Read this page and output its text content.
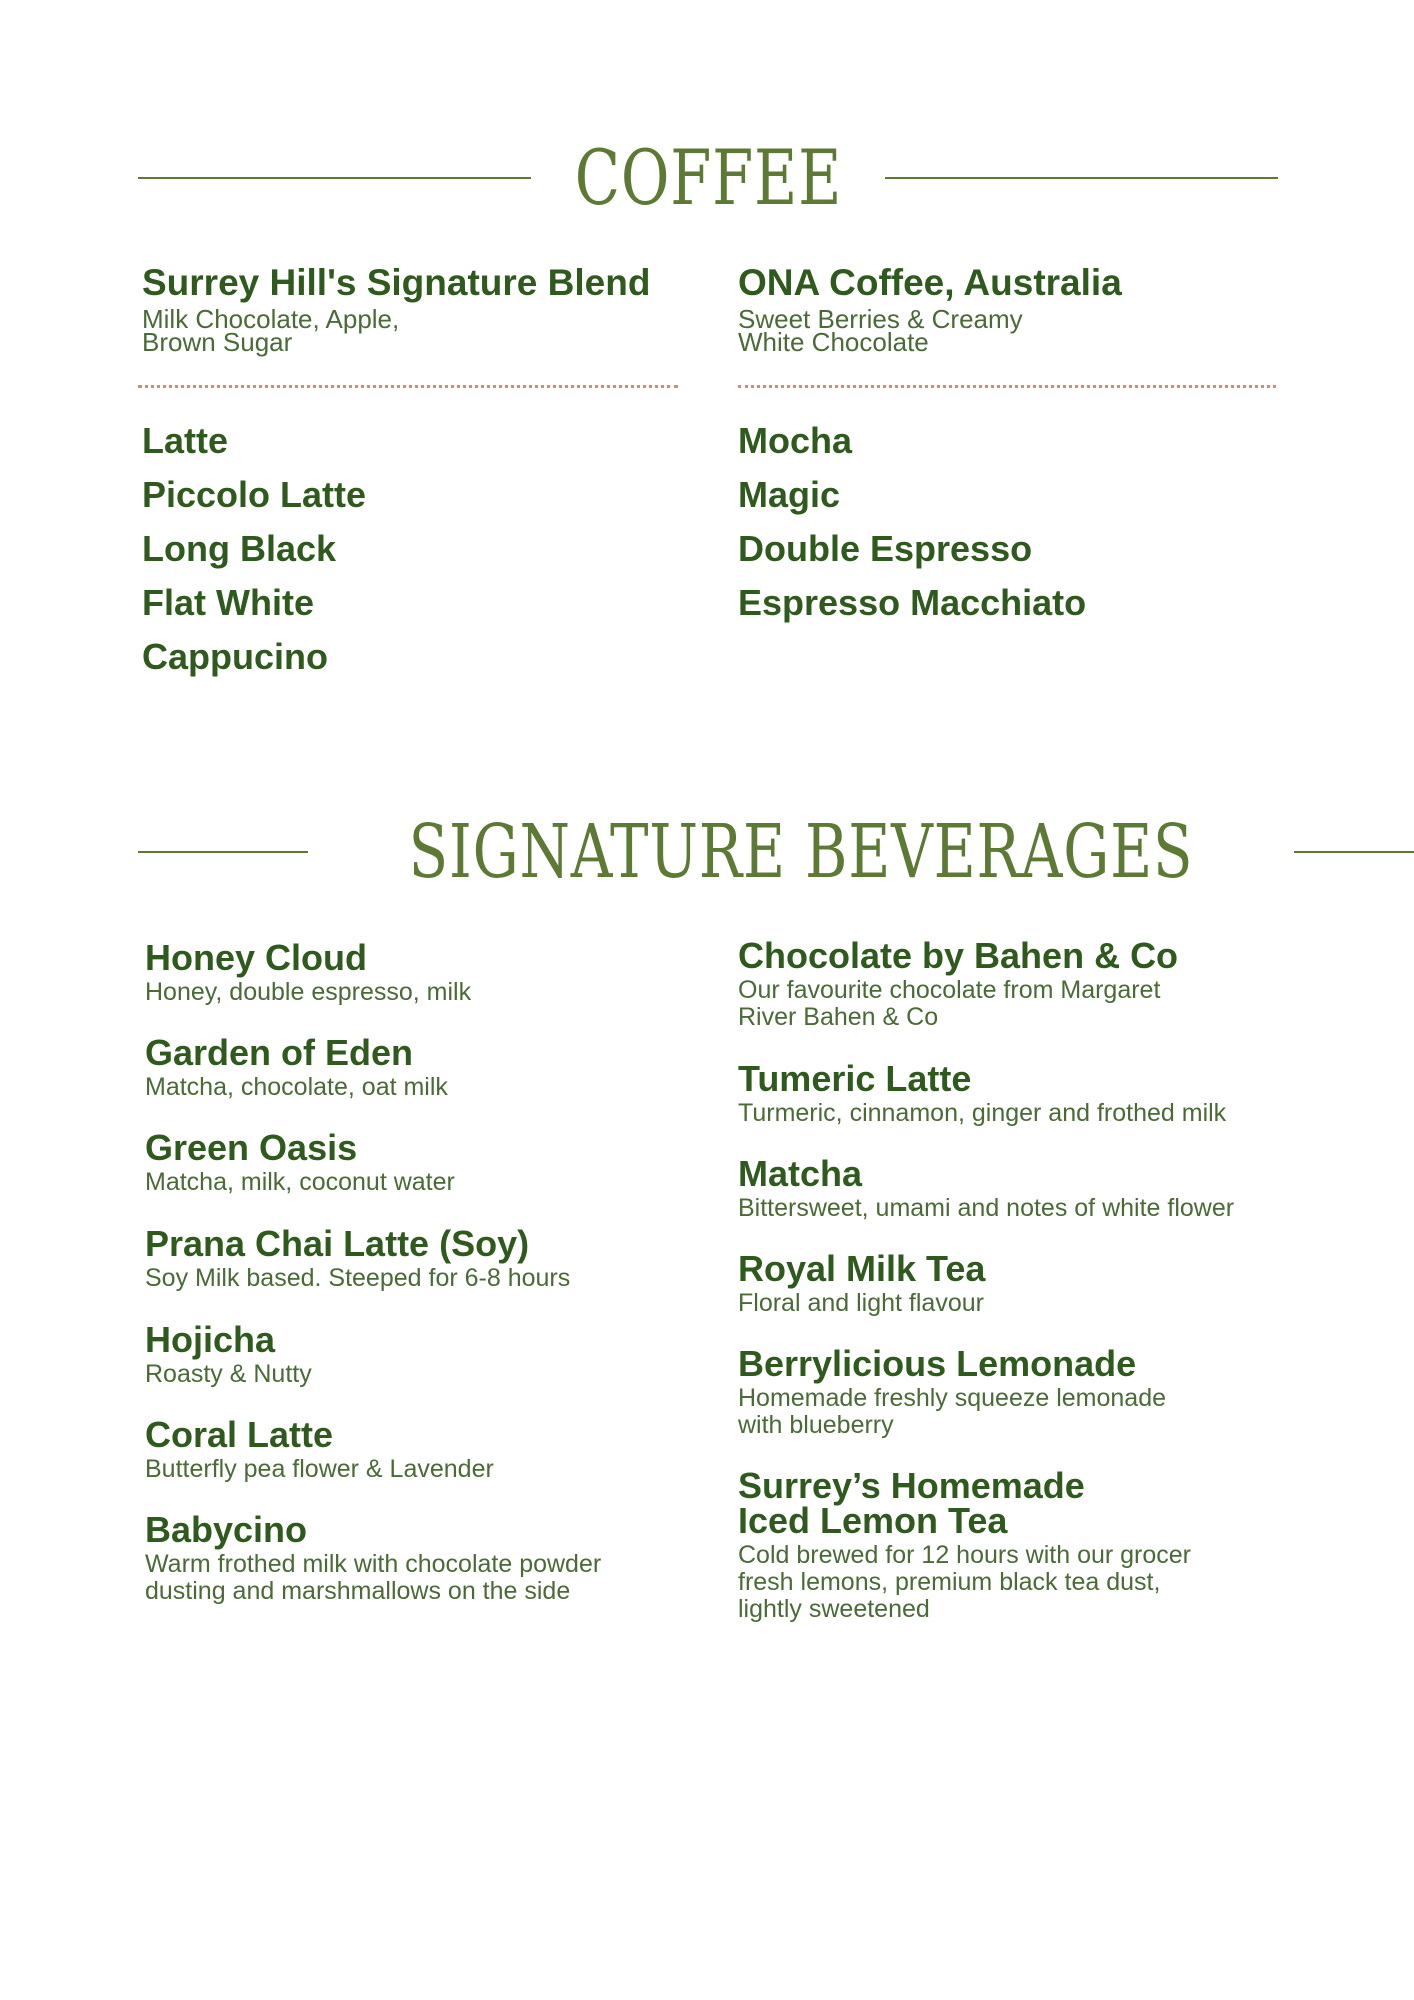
COFFEE
Surrey Hill's Signature Blend
Milk Chocolate, Apple,
Brown Sugar
ONA Coffee, Australia
Sweet Berries & Creamy
White Chocolate
Latte
Piccolo Latte
Long Black
Flat White
Cappucino
Mocha
Magic
Double Espresso
Espresso Macchiato
SIGNATURE BEVERAGES
Honey Cloud
Honey, double espresso, milk
Garden of Eden
Matcha, chocolate, oat milk
Green Oasis
Matcha, milk, coconut water
Prana Chai Latte (Soy)
Soy Milk based. Steeped for 6-8 hours
Hojicha
Roasty & Nutty
Coral Latte
Butterfly pea flower & Lavender
Babycino
Warm frothed milk with chocolate powder
dusting and marshmallows on the side
Chocolate by Bahen & Co
Our favourite chocolate from Margaret
River Bahen & Co
Tumeric Latte
Turmeric, cinnamon, ginger and frothed milk
Matcha
Bittersweet, umami and notes of white flower
Royal Milk Tea
Floral and light flavour
Berrylicious Lemonade
Homemade freshly squeeze lemonade
with blueberry
Surrey’s Homemade
Iced Lemon Tea
Cold brewed for 12 hours with our grocer
fresh lemons, premium black tea dust,
lightly sweetened
